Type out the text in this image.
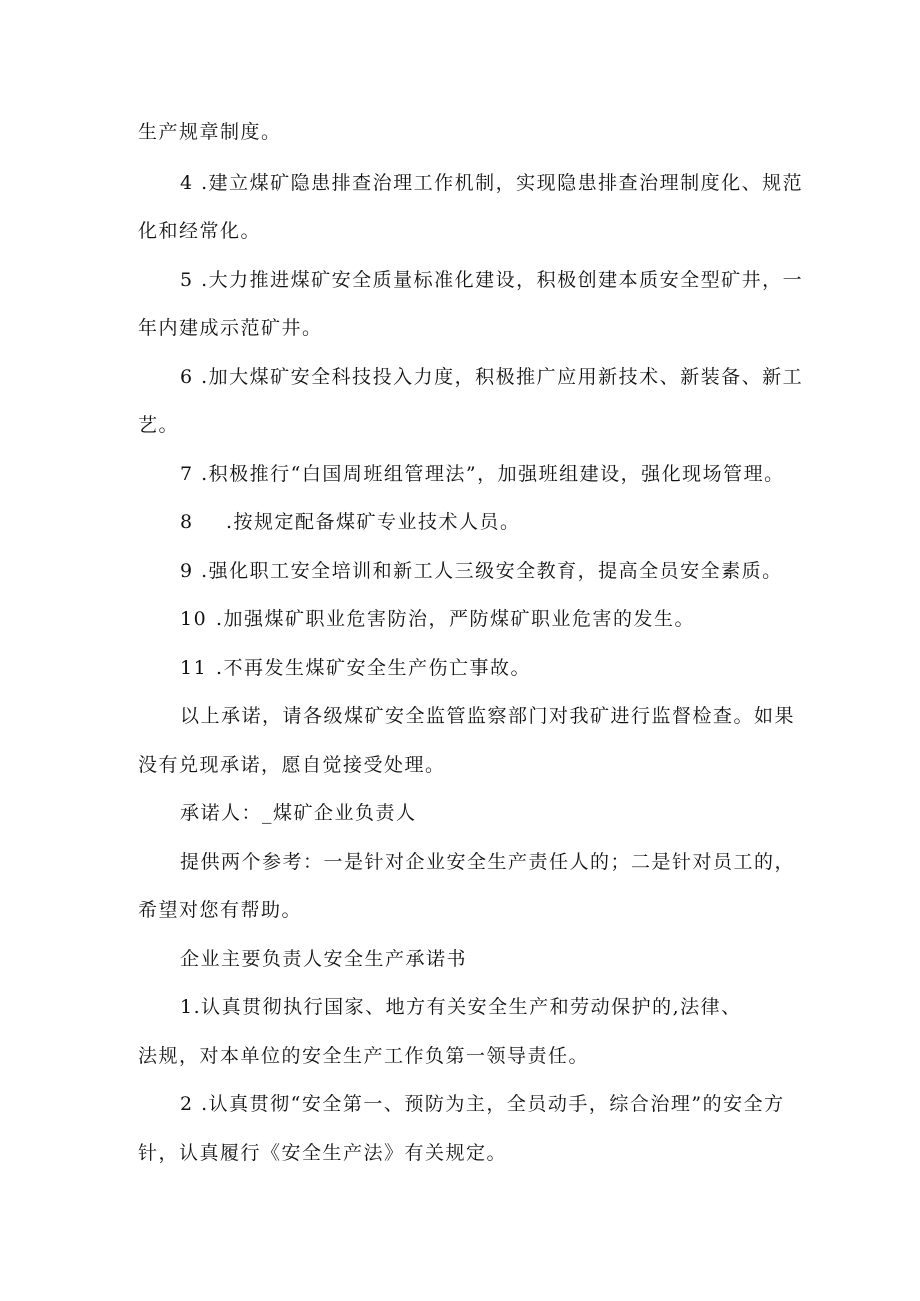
生产规章制度。
4 .建立煤矿隐患排查治理工作机制，实现隐患排查治理制度化、规范
化和经常化。
5 .大力推进煤矿安全质量标准化建设，积极创建本质安全型矿井，一
年内建成示范矿井。
6 .加大煤矿安全科技投入力度，积极推广应用新技术、新装备、新工
艺。
7 .积极推行“白国周班组管理法”，加强班组建设，强化现场管理。
8 .按规定配备煤矿专业技术人员。
9 .强化职工安全培训和新工人三级安全教育，提高全员安全素质。
10 .加强煤矿职业危害防治，严防煤矿职业危害的发生。
11 .不再发生煤矿安全生产伤亡事故。
以上承诺，请各级煤矿安全监管监察部门对我矿进行监督检查。如果
没有兑现承诺，愿自觉接受处理。
承诺人：_煤矿企业负责人
提供两个参考：一是针对企业安全生产责任人的；二是针对员工的，
希望对您有帮助。
企业主要负责人安全生产承诺书
1.认真贯彻执行国家、地方有关安全生产和劳动保护的,法律、
法规，对本单位的安全生产工作负第一领导责任。
2 .认真贯彻“安全第一、预防为主，全员动手，综合治理”的安全方
针，认真履行《安全生产法》有关规定。
